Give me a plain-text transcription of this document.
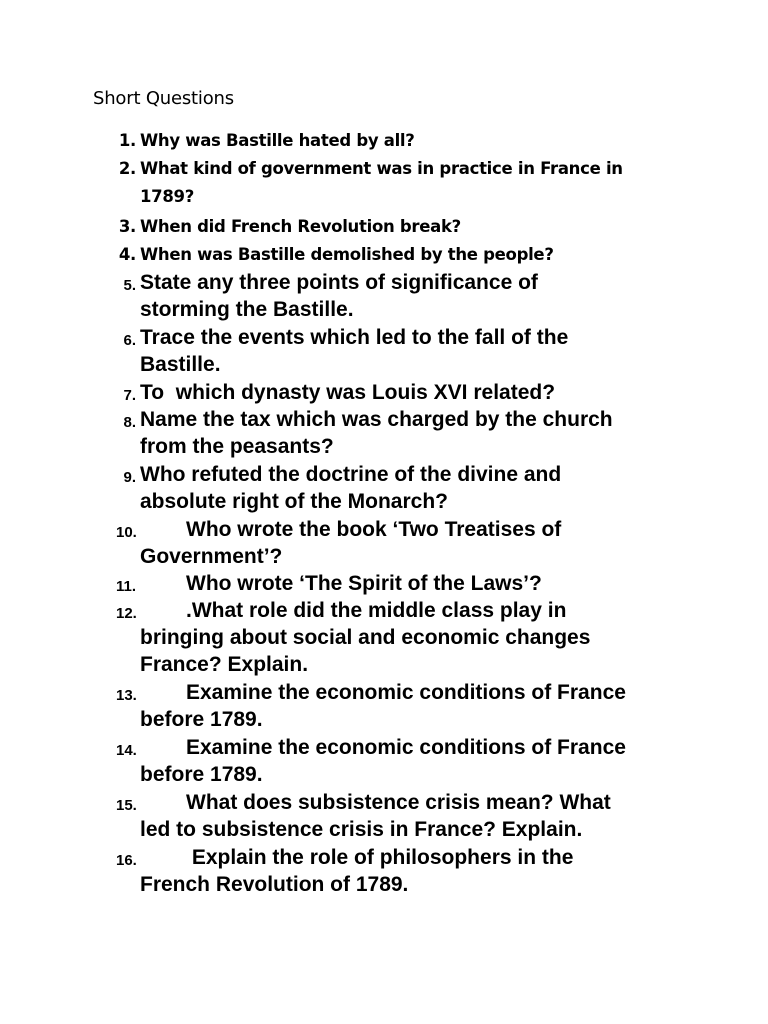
Short Questions
1. Why was Bastille hated by all?
2. What kind of government was in practice in France in
1789?
3. When did French Revolution break?
4. When was Bastille demolished by the people?
5. State any three points of significance of
storming the Bastille.
6. Trace the events which led to the fall of the
Bastille.
7. To  which dynasty was Louis XVI related?
8. Name the tax which was charged by the church
from the peasants?
9. Who refuted the doctrine of the divine and
absolute right of the Monarch?
10.	Who wrote the book ‘Two Treatises of
Government’?
11.	Who wrote ‘The Spirit of the Laws’?
12.	.What role did the middle class play in
bringing about social and economic changes
France? Explain.
13.	Examine the economic conditions of France
before 1789.
14.	Examine the economic conditions of France
before 1789.
15.	What does subsistence crisis mean? What
led to subsistence crisis in France? Explain.
16.	Explain the role of philosophers in the
French Revolution of 1789.
